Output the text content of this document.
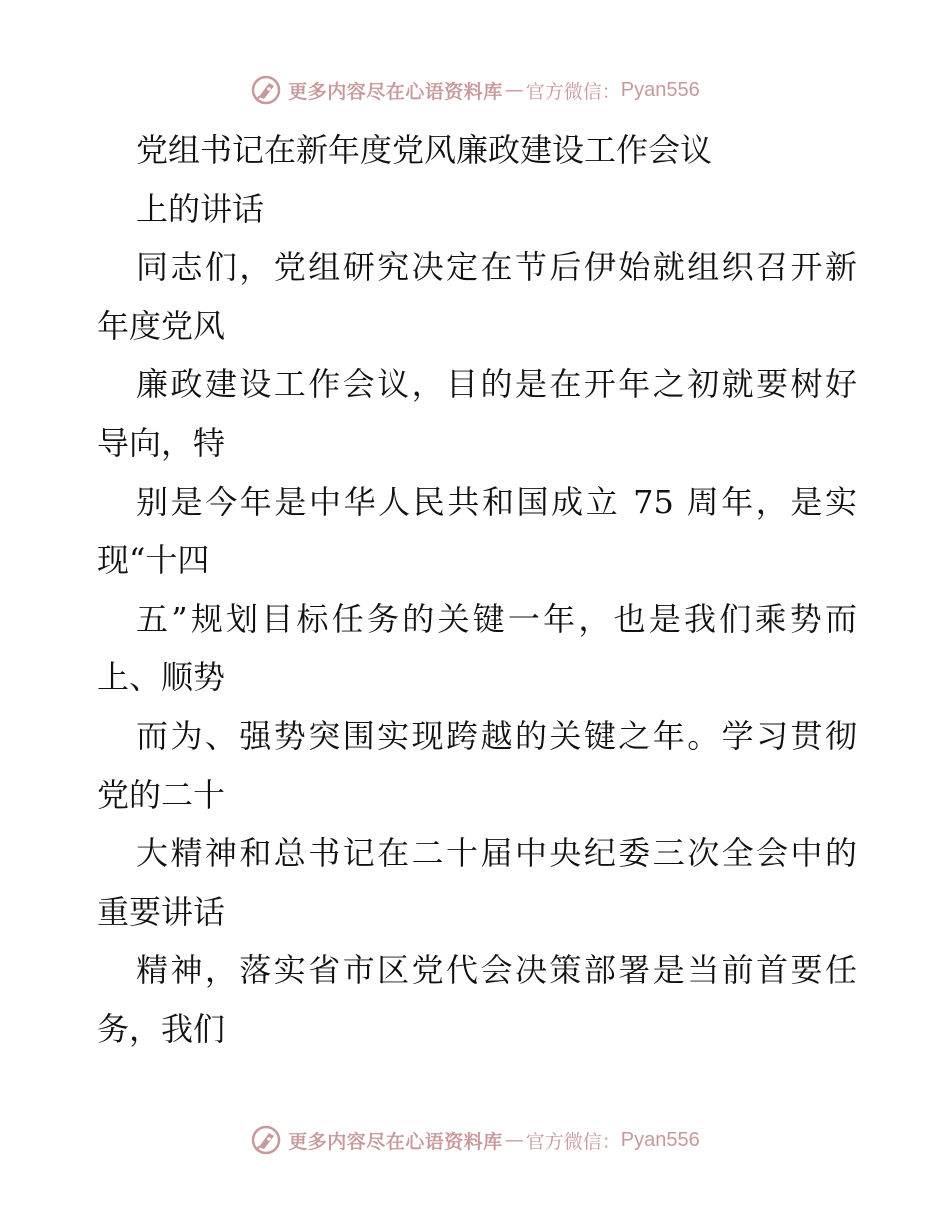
更多内容尽在心语资料库 — 官方微信： Pyan556
党组书记在新年度党风廉政建设工作会议
上的讲话
同志们，党组研究决定在节后伊始就组织召开新
年度党风
廉政建设工作会议，目的是在开年之初就要树好
导向，特
别是今年是中华人民共和国成立 75 周年，是实
现“十四
五”规划目标任务的关键一年，也是我们乘势而
上、顺势
而为、强势突围实现跨越的关键之年。学习贯彻
党的二十
大精神和总书记在二十届中央纪委三次全会中的
重要讲话
精神，落实省市区党代会决策部署是当前首要任
务，我们
更多内容尽在心语资料库 — 官方微信： Pyan556
